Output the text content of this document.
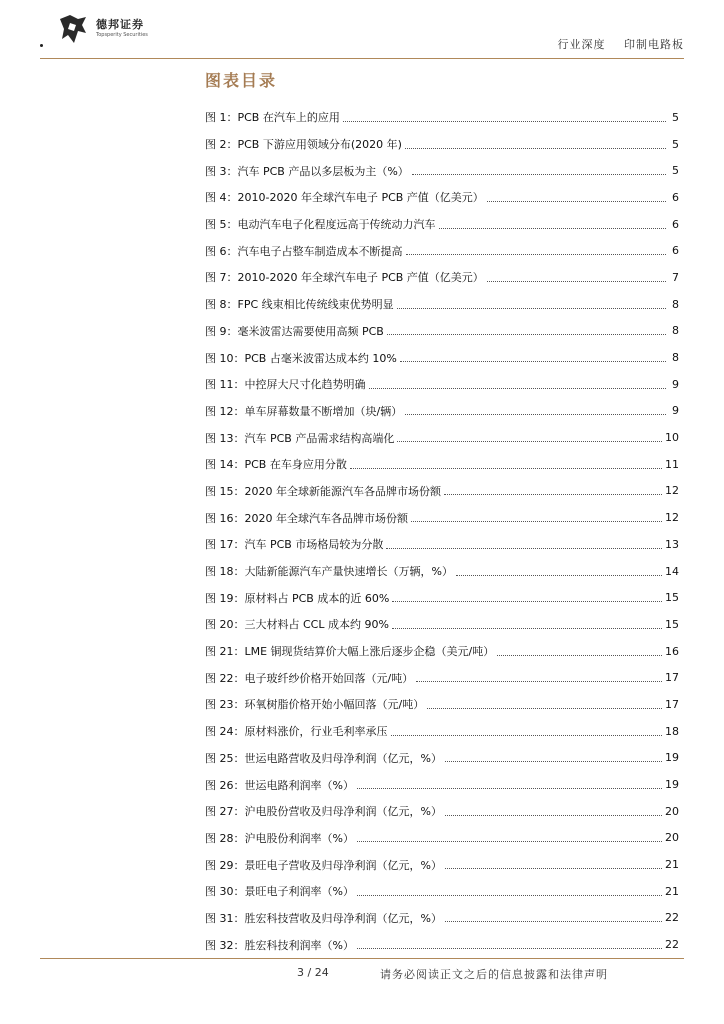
德邦证券
Topsperity Securities
行业深度 印制电路板
图表目录
图 1：PCB 在汽车上的应用	5
图 2：PCB 下游应用领域分布(2020 年)	5
图 3：汽车 PCB 产品以多层板为主（%）	5
图 4：2010-2020 年全球汽车电子 PCB 产值（亿美元）	6
图 5：电动汽车电子化程度远高于传统动力汽车	6
图 6：汽车电子占整车制造成本不断提高	6
图 7：2010-2020 年全球汽车电子 PCB 产值（亿美元）	7
图 8：FPC 线束相比传统线束优势明显	8
图 9：毫米波雷达需要使用高频 PCB	8
图 10：PCB 占毫米波雷达成本约 10%	8
图 11：中控屏大尺寸化趋势明确	9
图 12：单车屏幕数量不断增加（块/辆）	9
图 13：汽车 PCB 产品需求结构高端化	10
图 14：PCB 在车身应用分散	11
图 15：2020 年全球新能源汽车各品牌市场份额	12
图 16：2020 年全球汽车各品牌市场份额	12
图 17：汽车 PCB 市场格局较为分散	13
图 18：大陆新能源汽车产量快速增长（万辆，%）	14
图 19：原材料占 PCB 成本的近 60%	15
图 20：三大材料占 CCL 成本约 90%	15
图 21：LME 铜现货结算价大幅上涨后逐步企稳（美元/吨）	16
图 22：电子玻纤纱价格开始回落（元/吨）	17
图 23：环氧树脂价格开始小幅回落（元/吨）	17
图 24：原材料涨价，行业毛利率承压	18
图 25：世运电路营收及归母净利润（亿元，%）	19
图 26：世运电路利润率（%）	19
图 27：沪电股份营收及归母净利润（亿元，%）	20
图 28：沪电股份利润率（%）	20
图 29：景旺电子营收及归母净利润（亿元，%）	21
图 30：景旺电子利润率（%）	21
图 31：胜宏科技营收及归母净利润（亿元，%）	22
图 32：胜宏科技利润率（%）	22
3 / 24	请务必阅读正文之后的信息披露和法律声明
